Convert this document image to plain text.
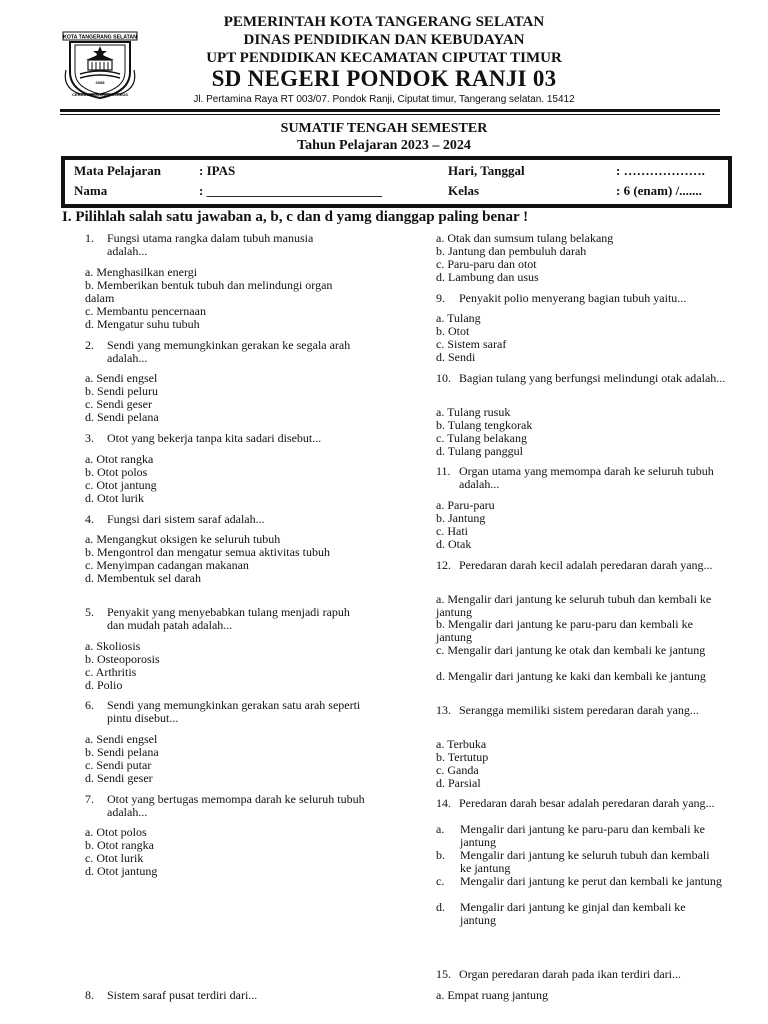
KOTA TANGERANG SELATAN
2008
CERDAS MODERN RELIGIUS
PEMERINTAH KOTA TANGERANG SELATAN
DINAS PENDIDIKAN DAN KEBUDAYAN
UPT PENDIDIKAN KECAMATAN CIPUTAT TIMUR
SD NEGERI PONDOK RANJI 03
Jl. Pertamina Raya RT 003/07. Pondok Ranji, Ciputat timur, Tangerang selatan. 15412
SUMATIF TENGAH SEMESTER
Tahun Pelajaran 2023 – 2024
Mata Pelajaran	: IPAS	Hari, Tanggal	: ……………….
Nama	: ___________________________	Kelas	: 6 (enam) /.......
I. Pilihlah salah satu jawaban a, b, c dan d yamg dianggap paling benar !
1. Fungsi utama rangka dalam tubuh manusia adalah...
a. Menghasilkan energi
b. Memberikan bentuk tubuh dan melindungi organ dalam
c. Membantu pencernaan
d. Mengatur suhu tubuh
2. Sendi yang memungkinkan gerakan ke segala arah adalah...
a. Sendi engsel
b. Sendi peluru
c. Sendi geser
d. Sendi pelana
3. Otot yang bekerja tanpa kita sadari disebut...
a. Otot rangka
b. Otot polos
c. Otot jantung
d. Otot lurik
4. Fungsi dari sistem saraf adalah...
a. Mengangkut oksigen ke seluruh tubuh
b. Mengontrol dan mengatur semua aktivitas tubuh
c. Menyimpan cadangan makanan
d. Membentuk sel darah
5. Penyakit yang menyebabkan tulang menjadi rapuh dan mudah patah adalah...
a. Skoliosis
b. Osteoporosis
c. Arthritis
d. Polio
6. Sendi yang memungkinkan gerakan satu arah seperti pintu disebut...
a. Sendi engsel
b. Sendi pelana
c. Sendi putar
d. Sendi geser
7. Otot yang bertugas memompa darah ke seluruh tubuh adalah...
a. Otot polos
b. Otot rangka
c. Otot lurik
d. Otot jantung
8. Sistem saraf pusat terdiri dari...
a. Otak dan sumsum tulang belakang
b. Jantung dan pembuluh darah
c. Paru-paru dan otot
d. Lambung dan usus
9. Penyakit polio menyerang bagian tubuh yaitu...
a. Tulang
b. Otot
c. Sistem saraf
d. Sendi
10. Bagian tulang yang berfungsi melindungi otak adalah...
a. Tulang rusuk
b. Tulang tengkorak
c. Tulang belakang
d. Tulang panggul
11. Organ utama yang memompa darah ke seluruh tubuh adalah...
a. Paru-paru
b. Jantung
c. Hati
d. Otak
12. Peredaran darah kecil adalah peredaran darah yang...
a. Mengalir dari jantung ke seluruh tubuh dan kembali ke jantung
b. Mengalir dari jantung ke paru-paru dan kembali ke jantung
c. Mengalir dari jantung ke otak dan kembali ke jantung
d. Mengalir dari jantung ke kaki dan kembali ke jantung
13. Serangga memiliki sistem peredaran darah yang...
a. Terbuka
b. Tertutup
c. Ganda
d. Parsial
14. Peredaran darah besar adalah peredaran darah yang...
a. Mengalir dari jantung ke paru-paru dan kembali ke jantung
b. Mengalir dari jantung ke seluruh tubuh dan kembali ke jantung
c. Mengalir dari jantung ke perut dan kembali ke jantung
d. Mengalir dari jantung ke ginjal dan kembali ke jantung
15. Organ peredaran darah pada ikan terdiri dari...
a. Empat ruang jantung
